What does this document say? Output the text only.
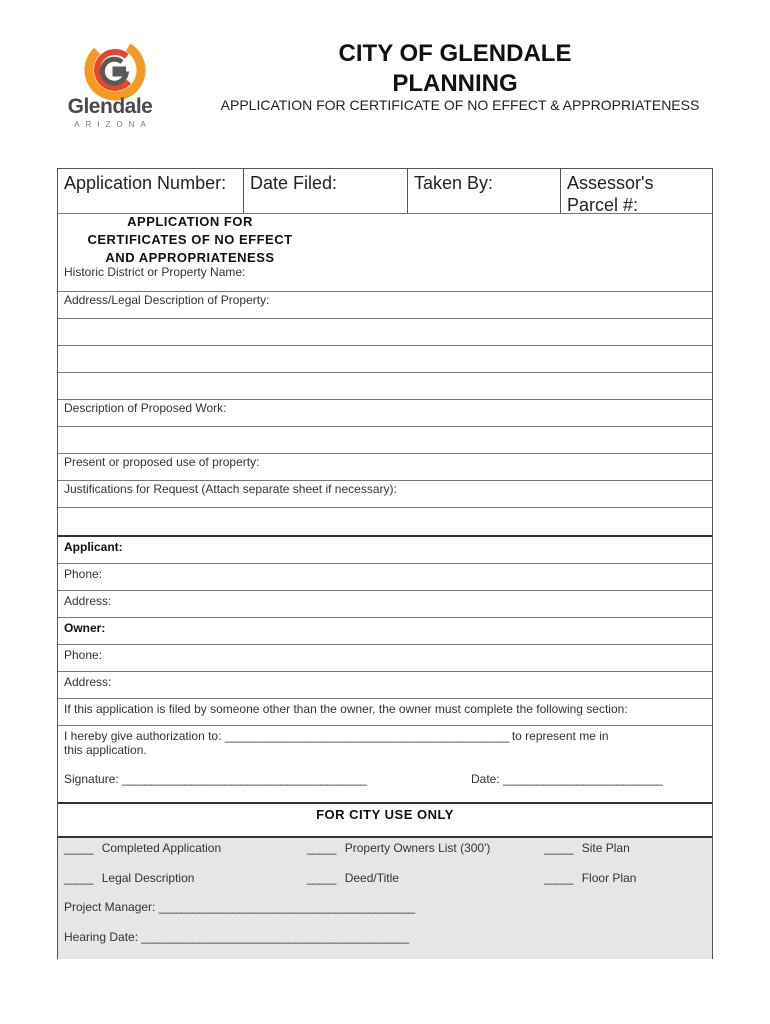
Glendale
ARIZONA
CITY OF GLENDALE
PLANNING
APPLICATION FOR CERTIFICATE OF NO EFFECT & APPROPRIATENESS
Application Number:	Date Filed:	Taken By:	Assessor's
Parcel #:
APPLICATION FOR
CERTIFICATES OF NO EFFECT
AND APPROPRIATENESS
Historic District or Property Name:
Address/Legal Description of Property:
Description of Proposed Work:
Present or proposed use of property:
Justifications for Request (Attach separate sheet if necessary):
Applicant:
Phone:
Address:
Owner:
Phone:
Address:
If this application is filed by someone other than the owner, the owner must complete the following section:
I hereby give authorization to: __________________________________________________ to represent me in
this application.
Signature: ___________________________________________	Date: ____________________________
FOR CITY USE ONLY
_____ Completed Application	_____ Property Owners List (300')	_____ Site Plan
_____ Legal Description	_____ Deed/Title	_____ Floor Plan
Project Manager: _____________________________________________
Hearing Date: _______________________________________________
